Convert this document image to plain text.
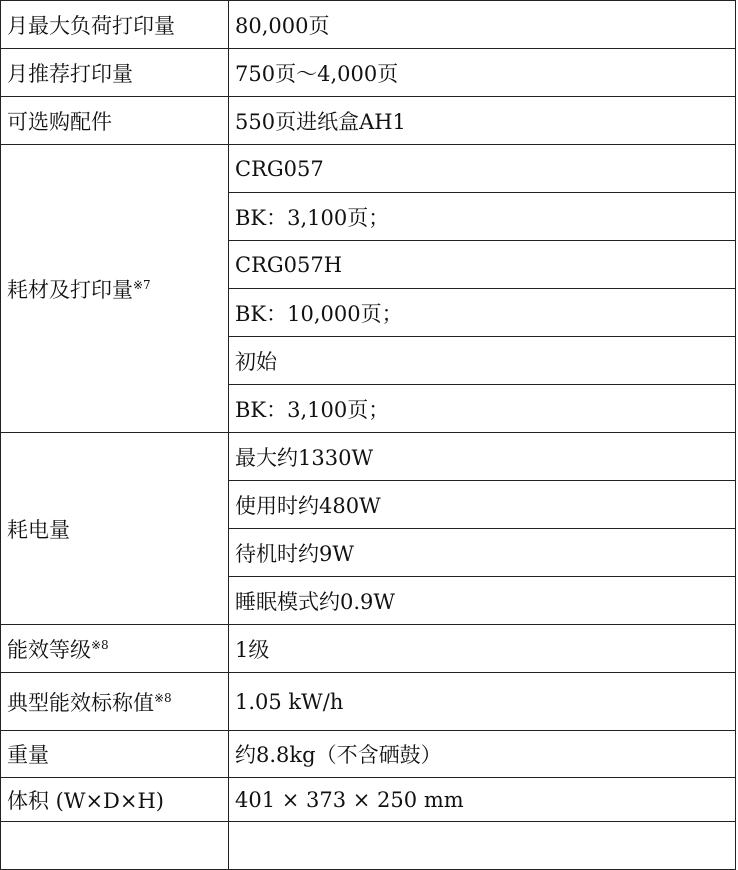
月最大负荷打印量	80,000页
月推荐打印量	750页～4,000页
可选购配件	550页进纸盒AH1
耗材及打印量$^{※7}$	CRG057
	BK：3,100页；
	CRG057H
	BK：10,000页；
	初始
	BK：3,100页；
耗电量	最大约1330W
	使用时约480W
	待机时约9W
	睡眠模式约0.9W
能效等级$^{※8}$	1级
典型能效标称值$^{※8}$	1.05 kW/h
重量	约8.8kg（不含硒鼓）
体积 (W×D×H)	401 × 373 × 250 mm
